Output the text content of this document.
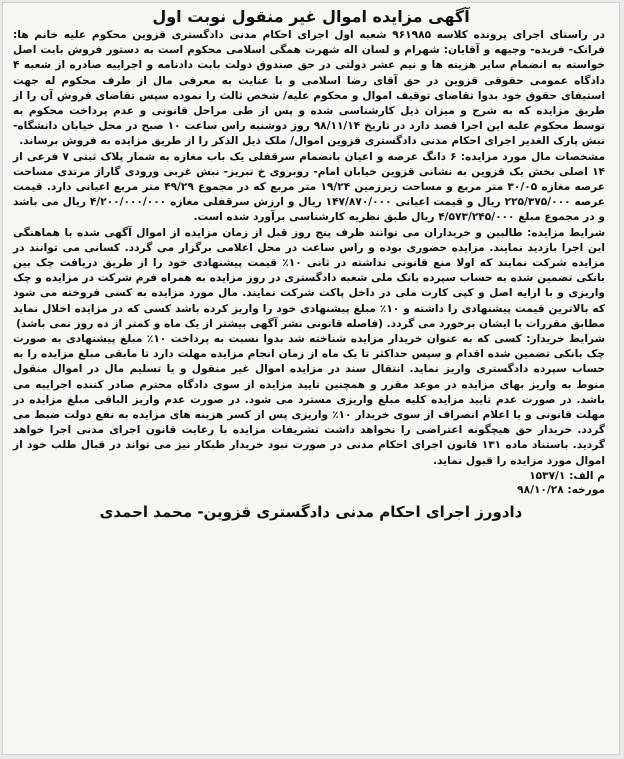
آگهی مزایده اموال غیر منقول نوبت اول

در راستای اجرای پرونده کلاسه ۹۶۱۹۸۵ شعبه اول اجرای احکام مدنی دادگستری قزوین محکوم علیه خانم ها: فرانک- فریده- وجیهه و آقایان: شهرام و لسان اله شهرت همگی اسلامی محکوم است به دستور فروش بابت اصل خواسته به انضمام سایر هزینه ها و نیم عشر دولتی در حق صندوق دولت بابت دادنامه و اجراییه صادره از شعبه ۴ دادگاه عمومی حقوقی قزوین در حق آقای رضا اسلامی و با عنایت به معرفی مال از طرف محکوم له جهت استیفای حقوق خود بدوا تقاضای توقیف اموال و محکوم علیه/ شخص ثالث را نموده سپس تقاضای فروش آن را از طریق مزایده که به شرح و میزان ذیل کارشناسی شده و پس از طی مراحل قانونی و عدم پرداخت محکوم به توسط محکوم علیه این اجرا قصد دارد در تاریخ ۹۸/۱۱/۱۴ روز دوشنبه راس ساعت ۱۰ صبح در محل خیابان دانشگاه- نبش پارک الغدیر اجرای احکام مدنی دادگستری قزوین اموال/ ملک ذیل الذکر را از طریق مزایده به فروش برساند.

مشخصات مال مورد مزایده: ۶ دانگ عرصه و اعیان بانضمام سرقفلی یک باب مغازه به شمار پلاک ثبتی ۷ فرعی از ۱۴ اصلی بخش یک قزوین به نشانی قزوین خیابان امام- روبروی خ تبریز- نبش غربی ورودی گاراژ مرتدی مساحت عرصه مغازه ۳۰/۰۵ متر مربع و مساحت زیرزمین ۱۹/۲۴ متر مربع که در مجموع ۴۹/۲۹ متر مربع اعیانی دارد. قیمت عرصه ۲۲۵/۳۷۵/۰۰۰ ریال و قیمت اعیانی ۱۴۷/۸۷۰/۰۰۰ ریال و ارزش سرقفلی مغازه ۴/۲۰۰/۰۰۰/۰۰۰ ریال می باشد و در مجموع مبلغ ۴/۵۷۳/۲۴۵/۰۰۰ ریال طبق نظریه کارشناسی برآورد شده است.

شرایط مزایده: طالبین و خریداران می توانند ظرف پنج روز قبل از زمان مزایده از اموال آگهی شده با هماهنگی این اجرا بازدید نمایند. مزایده حضوری بوده و راس ساعت در محل اعلامی برگزار می گردد. کسانی می توانند در مزایده شرکت نمایند که اولا منع قانونی نداشته در ثانی ۱۰٪ قیمت پیشنهادی خود را از طریق دریافت چک بین بانکی تضمین شده به حساب سپرده بانک ملی شعبه دادگستری در روز مزایده به همراه فرم شرکت در مزایده و چک واریزی و با ارایه اصل و کپی کارت ملی در داخل پاکت شرکت نمایند. مال مورد مزایده به کسی فروخته می شود که بالاترین قیمت پیشنهادی را داشته و ۱۰٪ مبلغ پیشنهادی خود را واریز کرده باشد کسی که در مزایده اخلال نماید مطابق مقررات با ایشان برخورد می گردد. (فاصله قانونی نشر آگهی بیشتر از یک ماه و کمتر از ده روز نمی باشد)

شرایط خریدار: کسی که به عنوان خریدار مزایده شناخته شد بدوا نسبت به پرداخت ۱۰٪ مبلغ پیشنهادی به صورت چک بانکی تضمین شده اقدام و سپس حداکثر تا یک ماه از زمان انجام مزایده مهلت دارد تا مابقی مبلغ مزایده را به حساب سپرده دادگستری واریز نماید. انتقال سند در مزایده اموال غیر منقول و یا تسلیم مال در اموال منقول منوط به واریز بهای مزایده در موعد مقرر و همچنین تایید مزایده از سوی دادگاه محترم صادر کننده اجراییه می باشد. در صورت عدم تایید مزایده کلیه مبلغ واریزی مسترد می شود. در صورت عدم واریز الباقی مبلغ مزایده در مهلت قانونی و یا اعلام انصراف از سوی خریدار ۱۰٪ واریزی پس از کسر هزینه های مزایده به نفع دولت ضبط می گردد. خریدار حق هیچگونه اعتراضی را نخواهد داشت تشریفات مزایده با رعایت قانون اجرای مدنی اجرا خواهد گردید. باستناد ماده ۱۳۱ قانون اجرای احکام مدنی در صورت نبود خریدار طبکار نیز می تواند در قبال طلب خود از اموال مورد مزایده را قبول نماید.

م الف: ۱۵۳۷/۱
مورخه: ۹۸/۱۰/۲۸
دادورز اجرای احکام مدنی دادگستری قزوین- محمد احمدی
